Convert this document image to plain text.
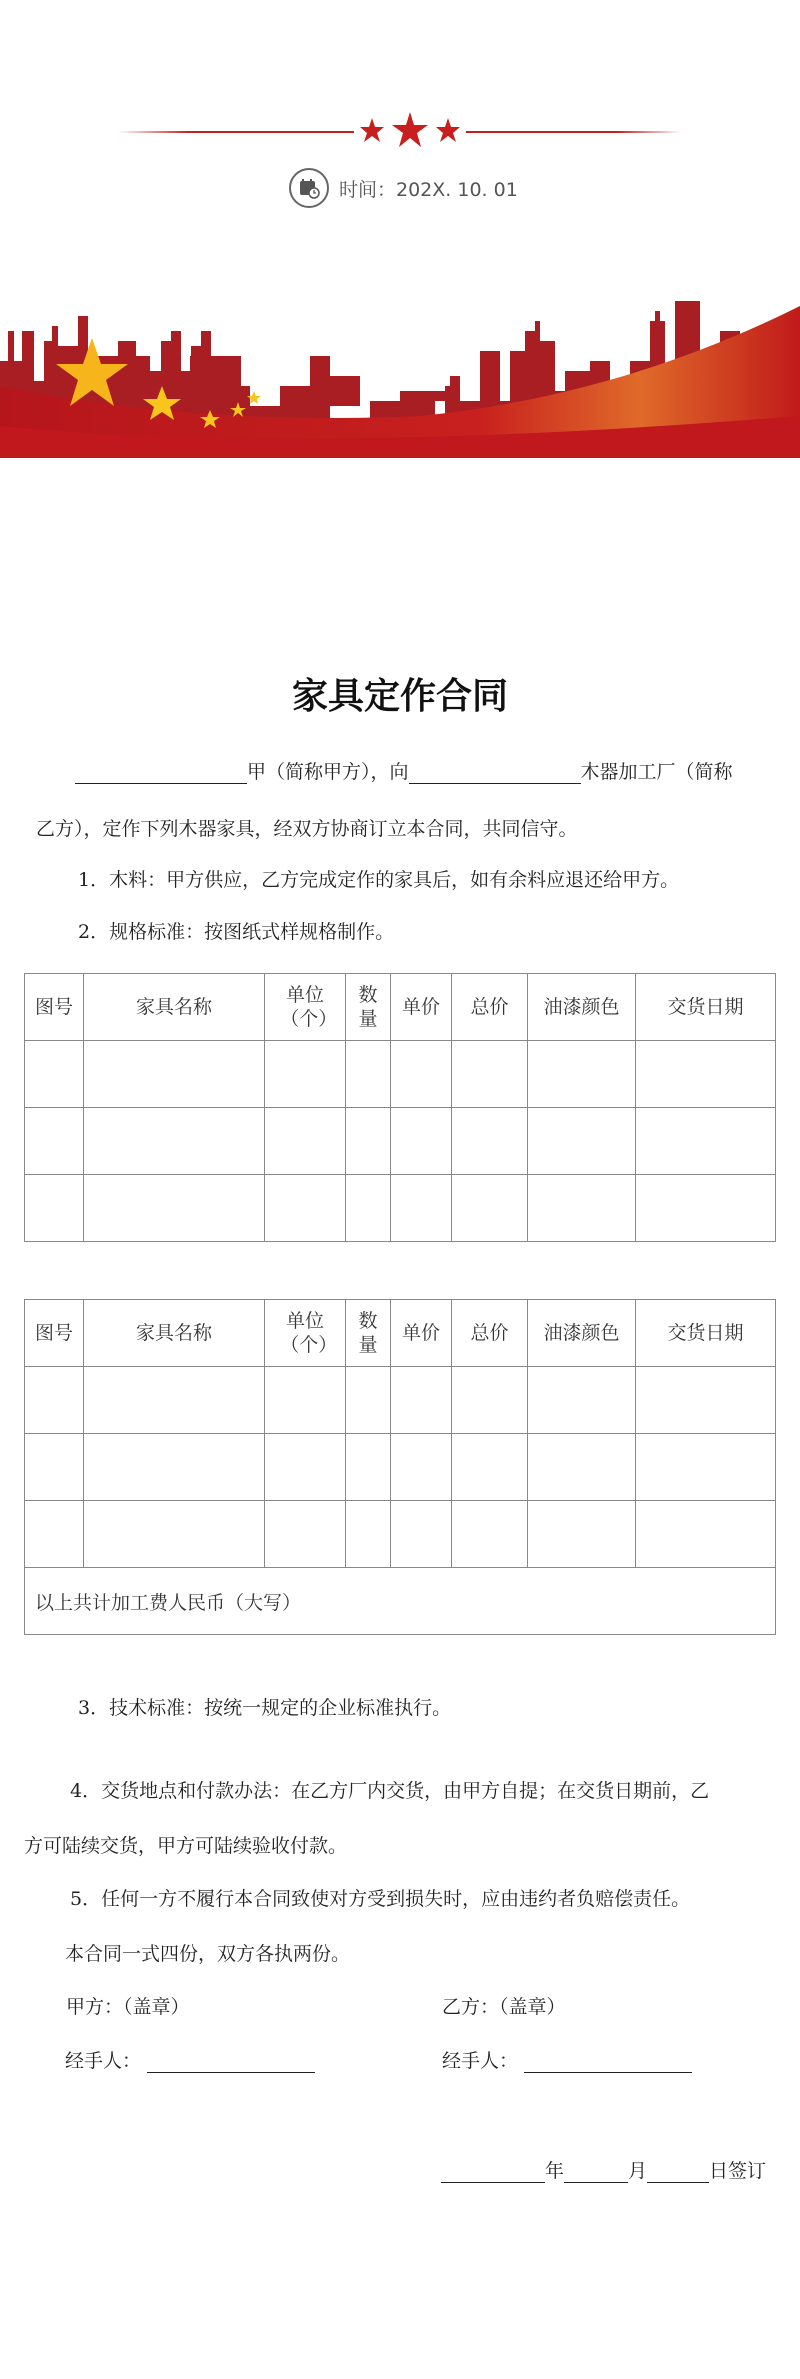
时间：202X. 10. 01
家具定作合同
甲（简称甲方），向	木器加工厂（简称
乙方），定作下列木器家具，经双方协商订立本合同，共同信守。
1．木料：甲方供应，乙方完成定作的家具后，如有余料应退还给甲方。
2．规格标准：按图纸式样规格制作。
图号	家具名称	单位（个）	数量	单价	总价	油漆颜色	交货日期

图号	家具名称	单位（个）	数量	单价	总价	油漆颜色	交货日期

以上共计加工费人民币（大写）							
3．技术标准：按统一规定的企业标准执行。
4．交货地点和付款办法：在乙方厂内交货，由甲方自提；在交货日期前，乙
方可陆续交货，甲方可陆续验收付款。
5．任何一方不履行本合同致使对方受到损失时，应由违约者负赔偿责任。
本合同一式四份，双方各执两份。
甲方：（盖章）	乙方：（盖章）
经手人：	经手人：
年	月	日签订
